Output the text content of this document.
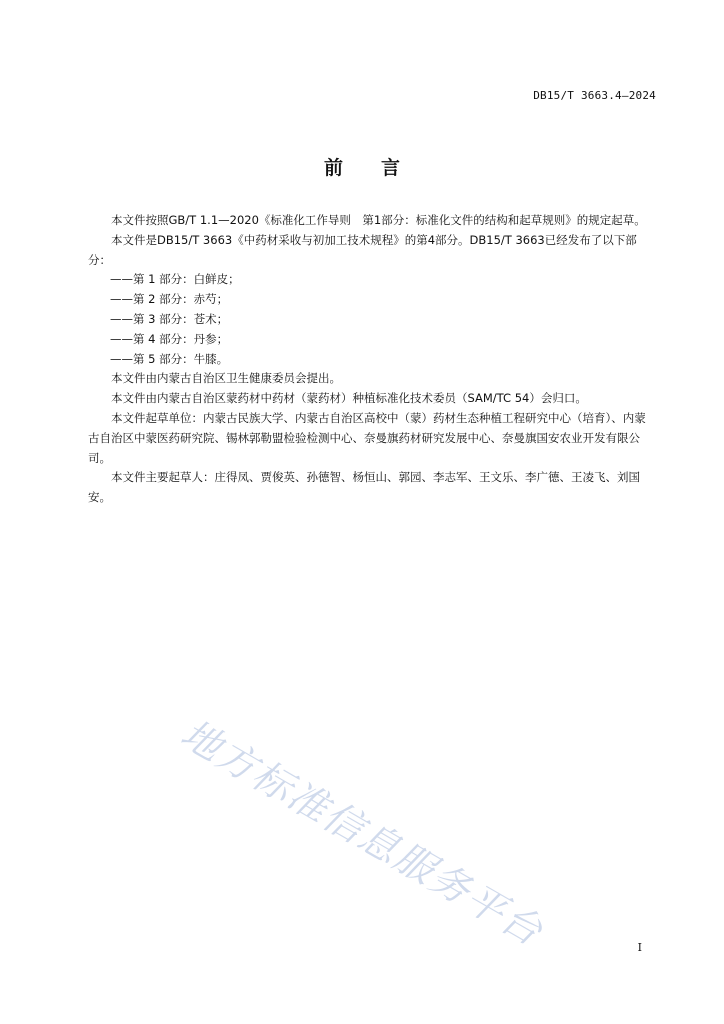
DB15/T 3663.4—2024
前 言

本文件按照GB/T 1.1—2020《标准化工作导则　第1部分：标准化文件的结构和起草规则》的规定起草。

本文件是DB15/T 3663《中药材采收与初加工技术规程》的第4部分。DB15/T 3663已经发布了以下部分：

——第 1 部分：白鲜皮；

——第 2 部分：赤芍；

——第 3 部分：苍术；

——第 4 部分：丹参；

——第 5 部分：牛膝。

本文件由内蒙古自治区卫生健康委员会提出。

本文件由内蒙古自治区蒙药材中药材（蒙药材）种植标准化技术委员（SAM/TC 54）会归口。

本文件起草单位：内蒙古民族大学、内蒙古自治区高校中（蒙）药材生态种植工程研究中心（培育）、内蒙古自治区中蒙医药研究院、锡林郭勒盟检验检测中心、奈曼旗药材研究发展中心、奈曼旗国安农业开发有限公司。

本文件主要起草人：庄得凤、贾俊英、孙德智、杨恒山、郭园、李志军、王文乐、李广德、王凌飞、刘国安。

地方标准信息服务平台	I
